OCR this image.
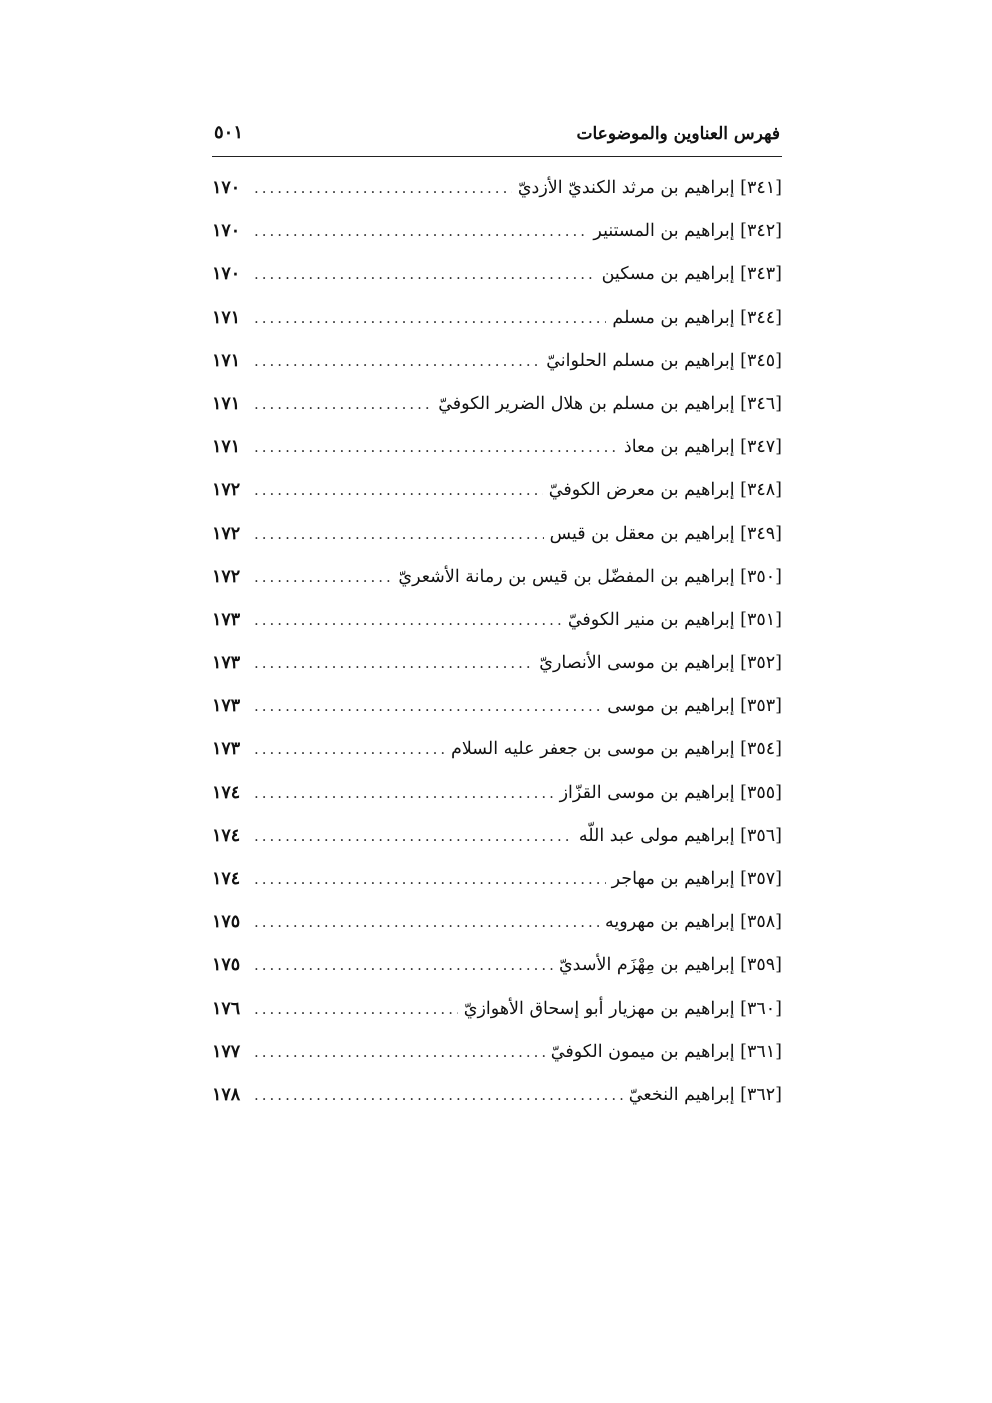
فهرس العناوين والموضوعات
٥٠١
[٣٤١] إبراهيم بن مرثد الكنديّ الأزديّ
.....
١٧٠
[٣٤٢] إبراهيم بن المستنير
.....
١٧٠
[٣٤٣] إبراهيم بن مسكين
.....
١٧٠
[٣٤٤] إبراهيم بن مسلم
.....
١٧١
[٣٤٥] إبراهيم بن مسلم الحلوانيّ
.....
١٧١
[٣٤٦] إبراهيم بن مسلم بن هلال الضرير الكوفيّ
.....
١٧١
[٣٤٧] إبراهيم بن معاذ
.....
١٧١
[٣٤٨] إبراهيم بن معرض الكوفيّ
.....
١٧٢
[٣٤٩] إبراهيم بن معقل بن قيس
.....
١٧٢
[٣٥٠] إبراهيم بن المفضّل بن قيس بن رمانة الأشعريّ
.....
١٧٢
[٣٥١] إبراهيم بن منير الكوفيّ
.....
١٧٣
[٣٥٢] إبراهيم بن موسى الأنصاريّ
.....
١٧٣
[٣٥٣] إبراهيم بن موسى
.....
١٧٣
[٣٥٤] إبراهيم بن موسى بن جعفر عليه السلام
.....
١٧٣
[٣٥٥] إبراهيم بن موسى القزّاز
.....
١٧٤
[٣٥٦] إبراهيم مولى عبد اللّه
.....
١٧٤
[٣٥٧] إبراهيم بن مهاجر
.....
١٧٤
[٣٥٨] إبراهيم بن مهرويه
.....
١٧٥
[٣٥٩] إبراهيم بن مِهْزَم الأسديّ
.....
١٧٥
[٣٦٠] إبراهيم بن مهزيار أبو إسحاق الأهوازيّ
.....
١٧٦
[٣٦١] إبراهيم بن ميمون الكوفيّ
.....
١٧٧
[٣٦٢] إبراهيم النخعيّ
.....
١٧٨
